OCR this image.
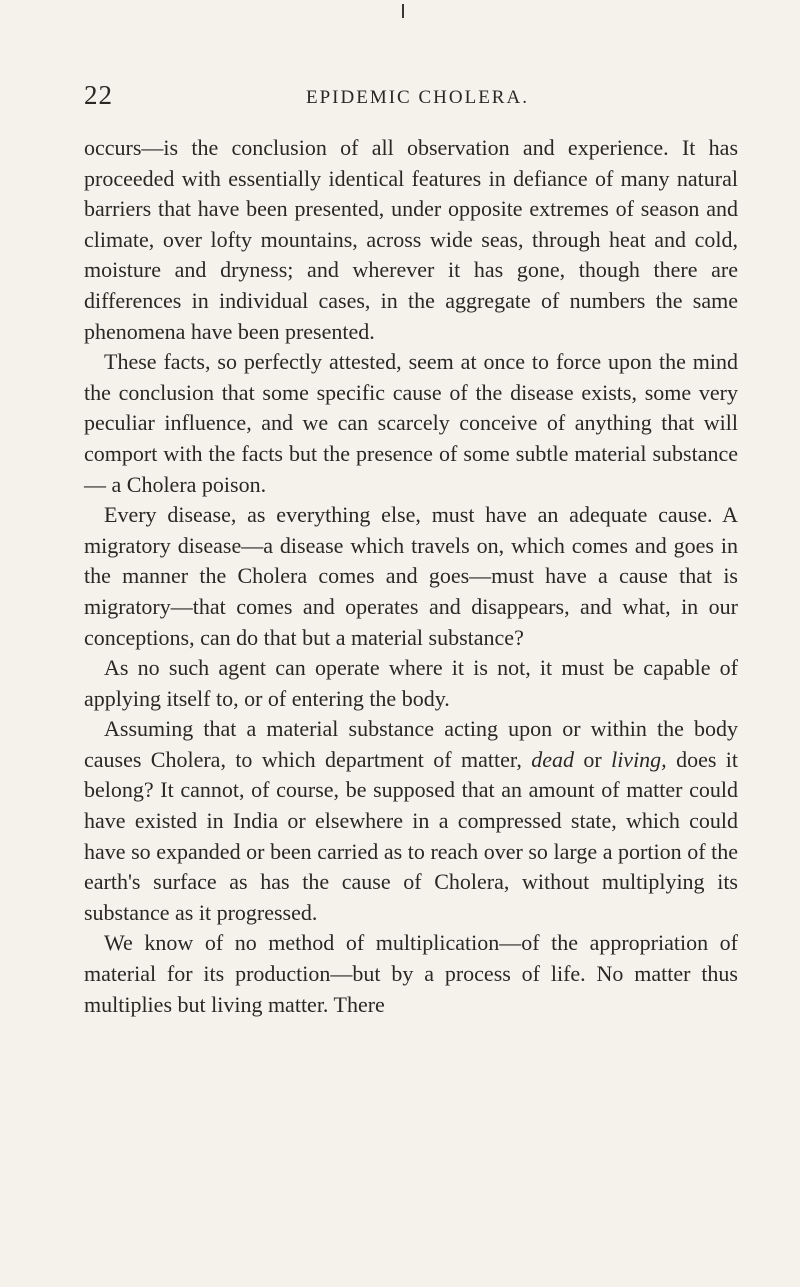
22	EPIDEMIC CHOLERA.

occurs—is the conclusion of all observation and experience. It has proceeded with essentially identical features in defiance of many natural barriers that have been presented, under opposite extremes of season and climate, over lofty mountains, across wide seas, through heat and cold, moisture and dryness; and wherever it has gone, though there are differences in individual cases, in the aggregate of numbers the same phenomena have been presented.

These facts, so perfectly attested, seem at once to force upon the mind the conclusion that some specific cause of the disease exists, some very peculiar influence, and we can scarcely conceive of anything that will comport with the facts but the presence of some subtle material substance— a Cholera poison.

Every disease, as everything else, must have an adequate cause. A migratory disease—a disease which travels on, which comes and goes in the manner the Cholera comes and goes—must have a cause that is migratory—that comes and operates and disappears, and what, in our conceptions, can do that but a material substance?

As no such agent can operate where it is not, it must be capable of applying itself to, or of entering the body.

Assuming that a material substance acting upon or within the body causes Cholera, to which department of matter, dead or living, does it belong? It cannot, of course, be supposed that an amount of matter could have existed in India or elsewhere in a compressed state, which could have so expanded or been carried as to reach over so large a portion of the earth's surface as has the cause of Cholera, without multiplying its substance as it progressed.

We know of no method of multiplication—of the appropriation of material for its production—but by a process of life. No matter thus multiplies but living matter. There
